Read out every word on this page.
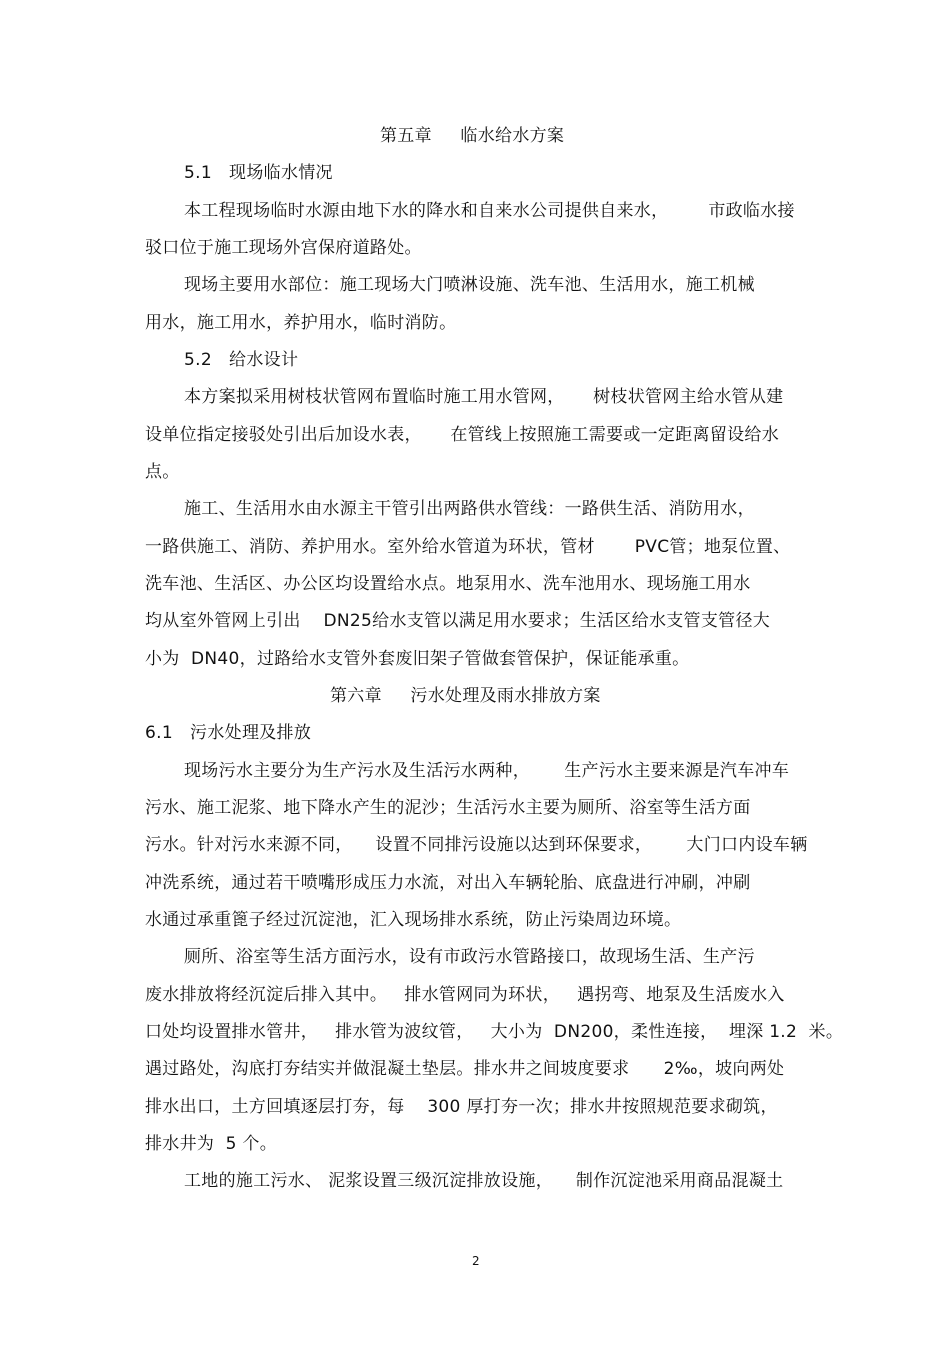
第五章     临水给水方案
5.1   现场临水情况
本工程现场临时水源由地下水的降水和自来水公司提供自来水，       市政临水接
驳口位于施工现场外宫保府道路处。
现场主要用水部位：施工现场大门喷淋设施、洗车池、生活用水，施工机械
用水，施工用水，养护用水，临时消防。
5.2   给水设计
本方案拟采用树枝状管网布置临时施工用水管网，     树枝状管网主给水管从建
设单位指定接驳处引出后加设水表，     在管线上按照施工需要或一定距离留设给水
点。
施工、生活用水由水源主干管引出两路供水管线：一路供生活、消防用水，
一路供施工、消防、养护用水。室外给水管道为环状，管材       PVC管；地泵位置、
洗车池、生活区、办公区均设置给水点。地泵用水、洗车池用水、现场施工用水
均从室外管网上引出    DN25给水支管以满足用水要求；生活区给水支管支管径大
小为  DN40，过路给水支管外套废旧架子管做套管保护，保证能承重。
第六章     污水处理及雨水排放方案
6.1   污水处理及排放
现场污水主要分为生产污水及生活污水两种，      生产污水主要来源是汽车冲车
污水、施工泥浆、地下降水产生的泥沙；生活污水主要为厕所、浴室等生活方面
污水。针对污水来源不同，    设置不同排污设施以达到环保要求，      大门口内设车辆
冲洗系统，通过若干喷嘴形成压力水流，对出入车辆轮胎、底盘进行冲刷，冲刷
水通过承重篦子经过沉淀池，汇入现场排水系统，防止污染周边环境。
厕所、浴室等生活方面污水，设有市政污水管路接口，故现场生活、生产污
废水排放将经沉淀后排入其中。   排水管网同为环状，   遇拐弯、地泵及生活废水入
口处均设置排水管井，   排水管为波纹管，   大小为  DN200，柔性连接，  埋深 1.2  米。
遇过路处，沟底打夯结实并做混凝土垫层。排水井之间坡度要求      2‰，坡向两处
排水出口，土方回填逐层打夯，每    300 厚打夯一次；排水井按照规范要求砌筑，
排水井为  5 个。
工地的施工污水、 泥浆设置三级沉淀排放设施，    制作沉淀池采用商品混凝土
2
